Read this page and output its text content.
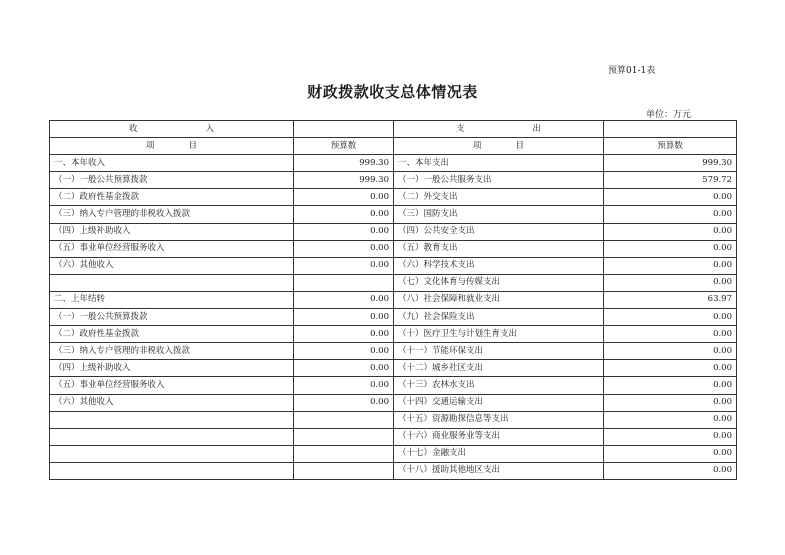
预算01-1表
财政拨款收支总体情况表
单位：万元
收　　　　　　　　入		支　　　　　　　　出	
项　　　　目	预算数	项　　　　目	预算数
一、本年收入	999.30	一、本年支出	999.30
（一）一般公共预算拨款	999.30	（一）一般公共服务支出	579.72
（二）政府性基金拨款	0.00	（二）外交支出	0.00
（三）纳入专户管理的非税收入拨款	0.00	（三）国防支出	0.00
（四）上级补助收入	0.00	（四）公共安全支出	0.00
（五）事业单位经营服务收入	0.00	（五）教育支出	0.00
（六）其他收入	0.00	（六）科学技术支出	0.00
		（七）文化体育与传媒支出	0.00
二、上年结转	0.00	（八）社会保障和就业支出	63.97
（一）一般公共预算拨款	0.00	（九）社会保险支出	0.00
（二）政府性基金拨款	0.00	（十）医疗卫生与计划生育支出	0.00
（三）纳入专户管理的非税收入拨款	0.00	（十一）节能环保支出	0.00
（四）上级补助收入	0.00	（十二）城乡社区支出	0.00
（五）事业单位经营服务收入	0.00	（十三）农林水支出	0.00
（六）其他收入	0.00	（十四）交通运输支出	0.00
		（十五）资源勘探信息等支出	0.00
		（十六）商业服务业等支出	0.00
		（十七）金融支出	0.00
		（十八）援助其他地区支出	0.00
